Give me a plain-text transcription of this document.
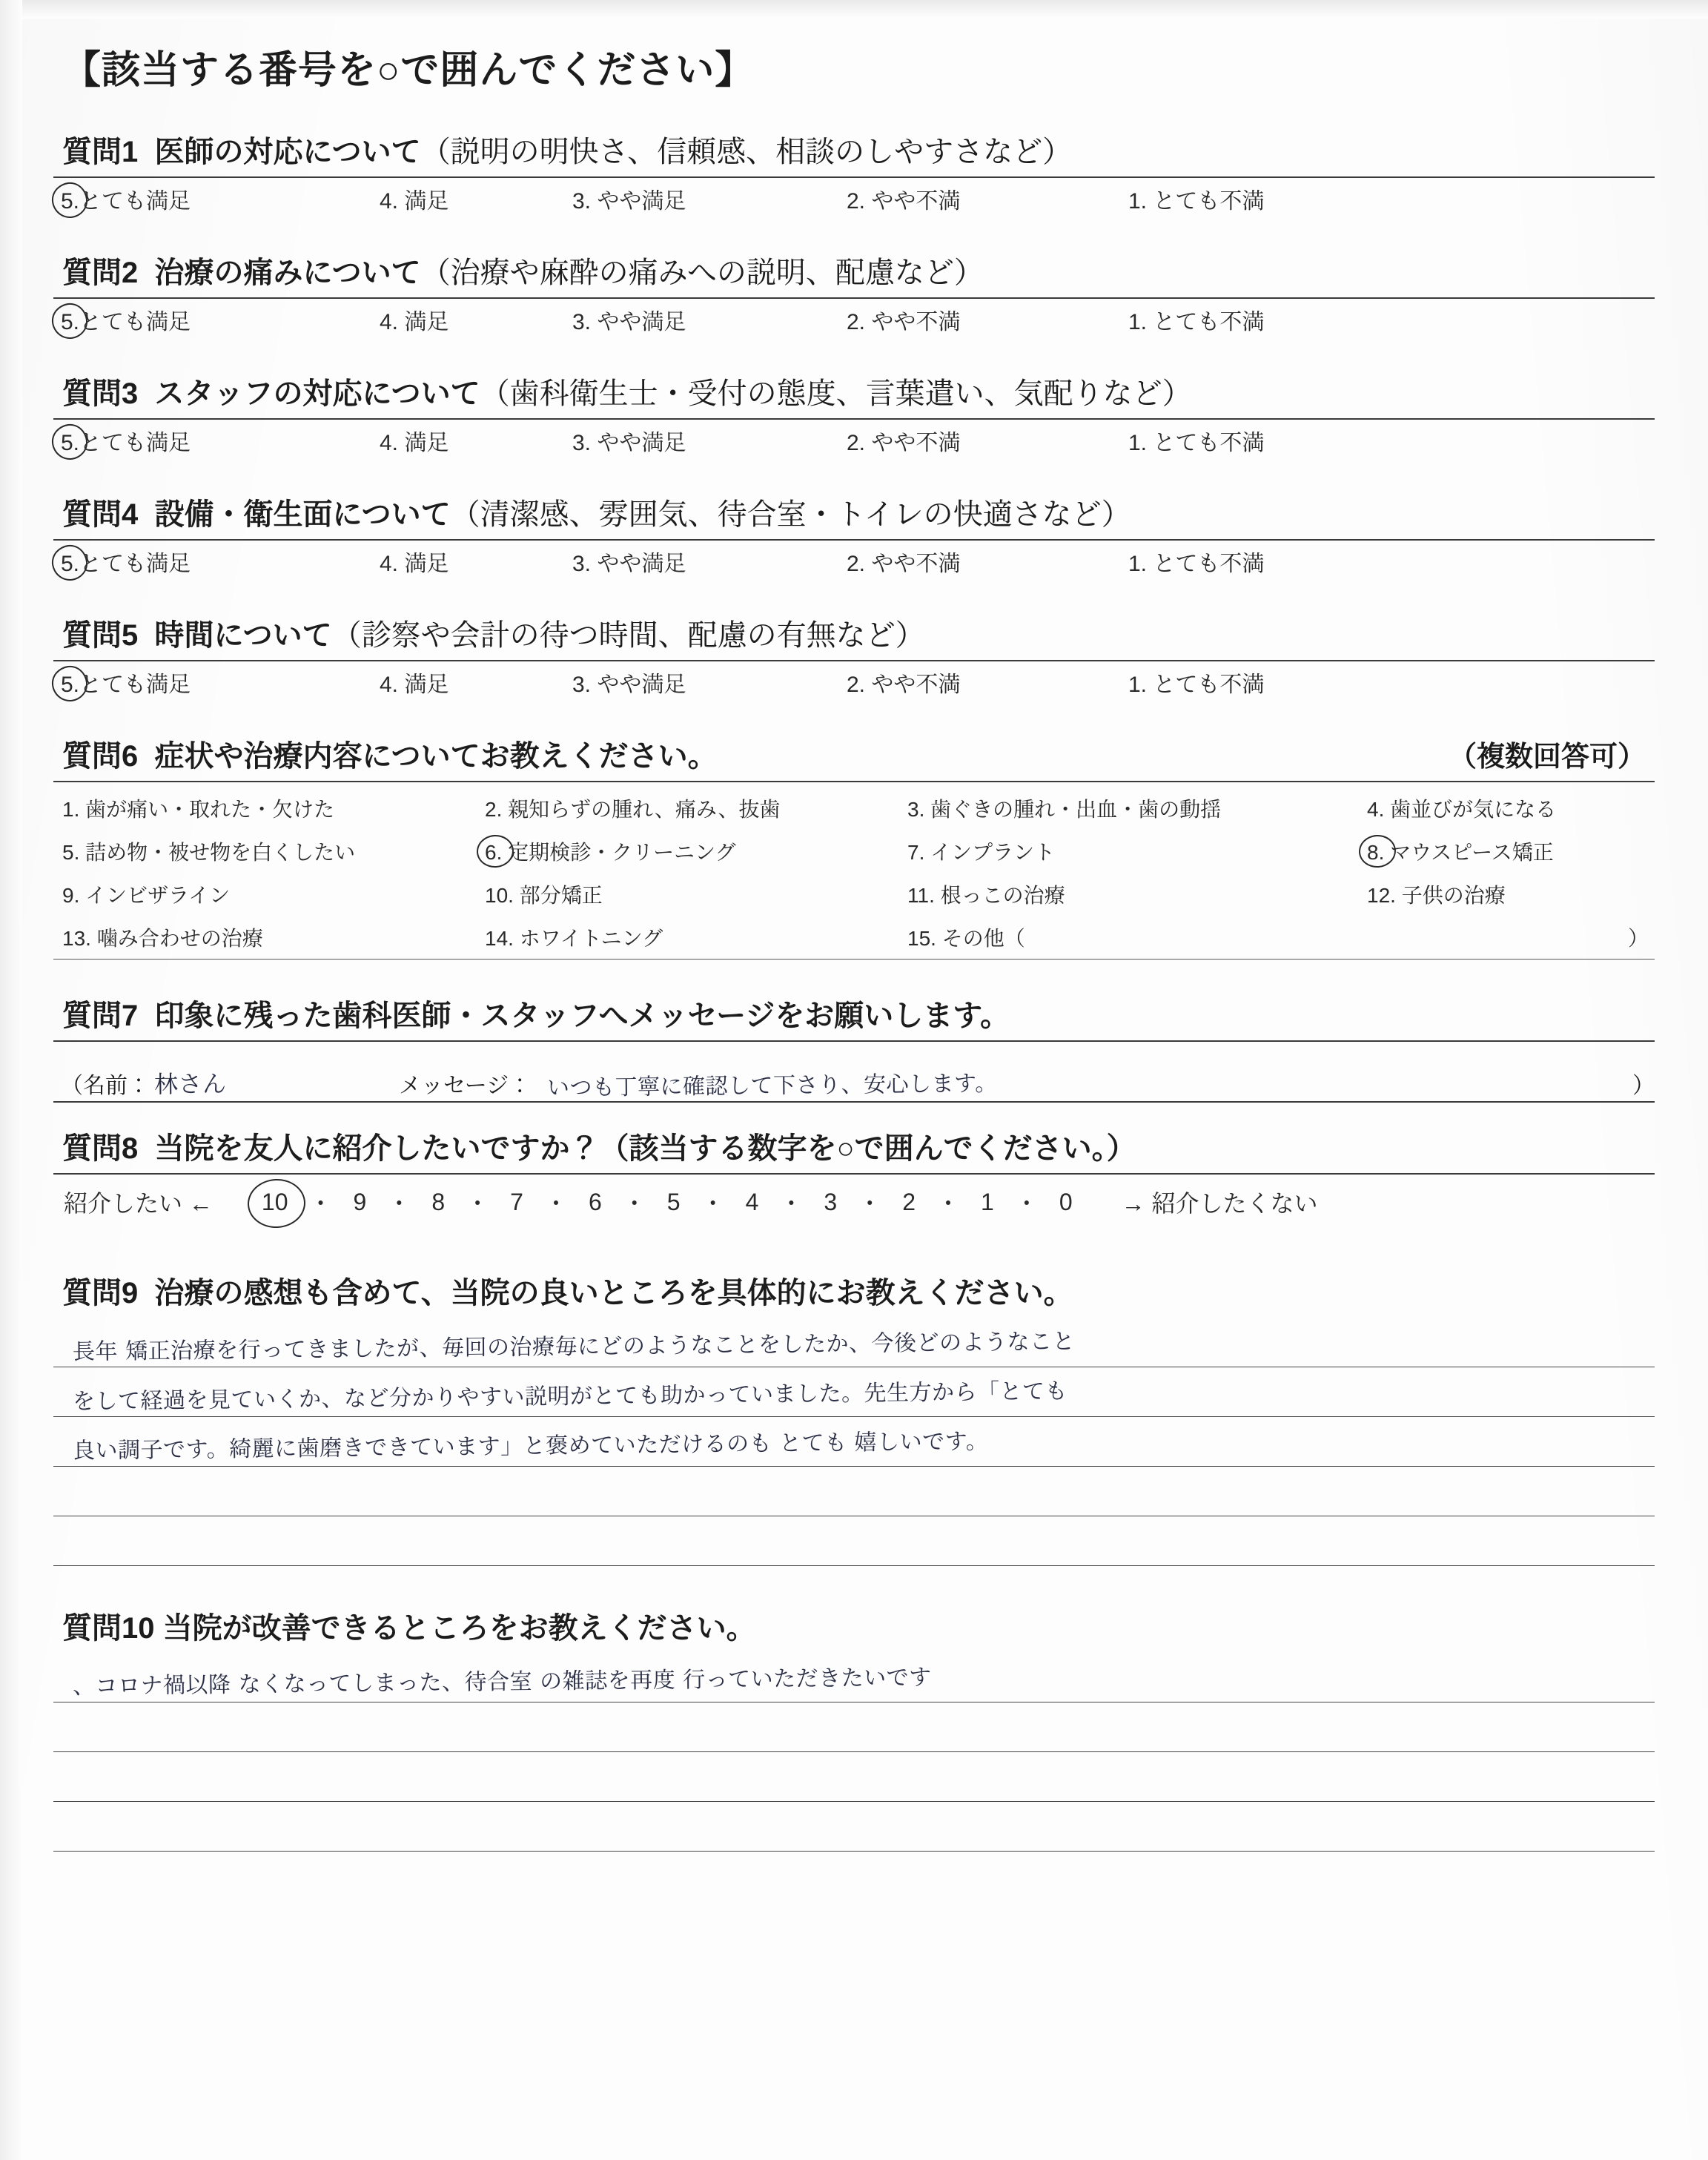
【該当する番号を○で囲んでください】
質問1 医師の対応について（説明の明快さ、信頼感、相談のしやすさなど）
5.とても満足	4. 満足	3. やや満足	2. やや不満	1. とても不満
質問2 治療の痛みについて（治療や麻酔の痛みへの説明、配慮など）
5.とても満足	4. 満足	3. やや満足	2. やや不満	1. とても不満
質問3 スタッフの対応について（歯科衛生士・受付の態度、言葉遣い、気配りなど）
5.とても満足	4. 満足	3. やや満足	2. やや不満	1. とても不満
質問4 設備・衛生面について（清潔感、雰囲気、待合室・トイレの快適さなど）
5.とても満足	4. 満足	3. やや満足	2. やや不満	1. とても不満
質問5 時間について（診察や会計の待つ時間、配慮の有無など）
5.とても満足	4. 満足	3. やや満足	2. やや不満	1. とても不満
質問6 症状や治療内容についてお教えください。	（複数回答可）
1. 歯が痛い・取れた・欠けた	2. 親知らずの腫れ、痛み、抜歯	3. 歯ぐきの腫れ・出血・歯の動揺	4. 歯並びが気になる
5. 詰め物・被せ物を白くしたい	6. 定期検診・クリーニング	7. インプラント	8. マウスピース矯正
9. インビザライン	10. 部分矯正	11. 根っこの治療	12. 子供の治療
13. 噛み合わせの治療	14. ホワイトニング	15. その他（	）
質問7 印象に残った歯科医師・スタッフへメッセージをお願いします。
（名前： 林さん	メッセージ： いつも丁寧に確認して下さり、安心します。	）
質問8 当院を友人に紹介したいですか？（該当する数字を○で囲んでください。）
紹介したい ← 10 ・ 9 ・ 8 ・ 7 ・ 6 ・ 5 ・ 4 ・ 3 ・ 2 ・ 1 ・ 0 → 紹介したくない
質問9 治療の感想も含めて、当院の良いところを具体的にお教えください。
長年 矯正治療を行ってきましたが、毎回の治療毎にどのようなことをしたか、今後どのようなこと
をして経過を見ていくか、など分かりやすい説明がとても助かっていました。先生方から「とても
良い調子です。綺麗に歯磨きできています」と褒めていただけるのも とても 嬉しいです。
質問10 当院が改善できるところをお教えください。
、コロナ禍以降 なくなってしまった、待合室 の雑誌を再度 行っていただきたいです
